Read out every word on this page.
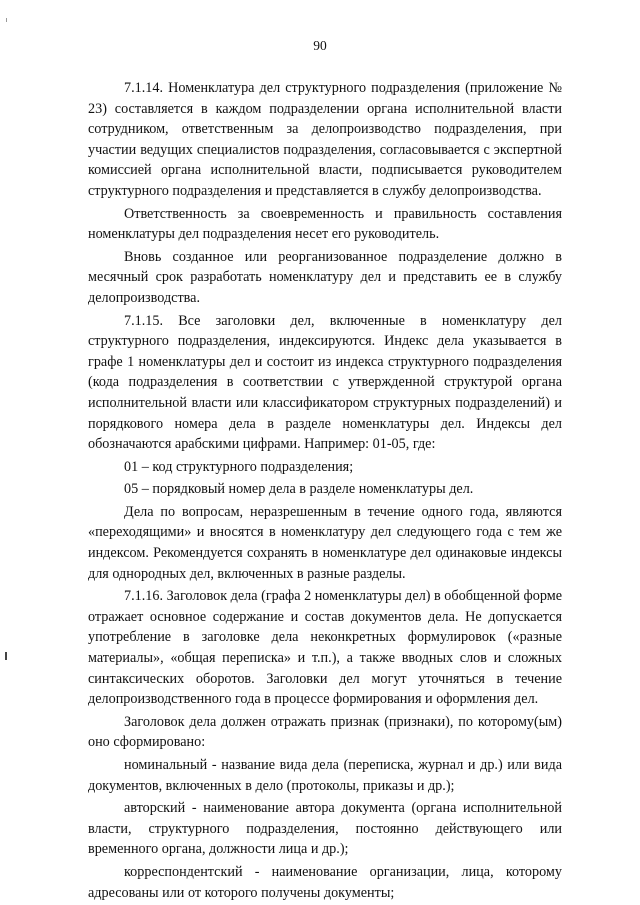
90

7.1.14. Номенклатура дел структурного подразделения (приложение № 23) составляется в каждом подразделении органа исполнительной власти сотрудником, ответственным за делопроизводство подразделения, при участии ведущих специалистов подразделения, согласовывается с экспертной комиссией органа исполнительной власти, подписывается руководителем структурного подразделения и представляется в службу делопроизводства.

Ответственность за своевременность и правильность составления номенклатуры дел подразделения несет его руководитель.

Вновь созданное или реорганизованное подразделение должно в месячный срок разработать номенклатуру дел и представить ее в службу делопроизводства.

7.1.15. Все заголовки дел, включенные в номенклатуру дел структурного подразделения, индексируются. Индекс дела указывается в графе 1 номенклатуры дел и состоит из индекса структурного подразделения (кода подразделения в соответствии с утвержденной структурой органа исполнительной власти или классификатором структурных подразделений) и порядкового номера дела в разделе номенклатуры дел. Индексы дел обозначаются арабскими цифрами. Например: 01-05, где:

01 – код структурного подразделения;

05 – порядковый номер дела в разделе номенклатуры дел.

Дела по вопросам, неразрешенным в течение одного года, являются «переходящими» и вносятся в номенклатуру дел следующего года с тем же индексом. Рекомендуется сохранять в номенклатуре дел одинаковые индексы для однородных дел, включенных в разные разделы.

7.1.16. Заголовок дела (графа 2 номенклатуры дел) в обобщенной форме отражает основное содержание и состав документов дела. Не допускается употребление в заголовке дела неконкретных формулировок («разные материалы», «общая переписка» и т.п.), а также вводных слов и сложных синтаксических оборотов. Заголовки дел могут уточняться в течение делопроизводственного года в процессе формирования и оформления дел.

Заголовок дела должен отражать признак (признаки), по которому(ым) оно сформировано:

номинальный - название вида дела (переписка, журнал и др.) или вида документов, включенных в дело (протоколы, приказы и др.);

авторский - наименование автора документа (органа исполнительной власти, структурного подразделения, постоянно действующего или временного органа, должности лица и др.);

корреспондентский - наименование организации, лица, которому адресованы или от которого получены документы;
